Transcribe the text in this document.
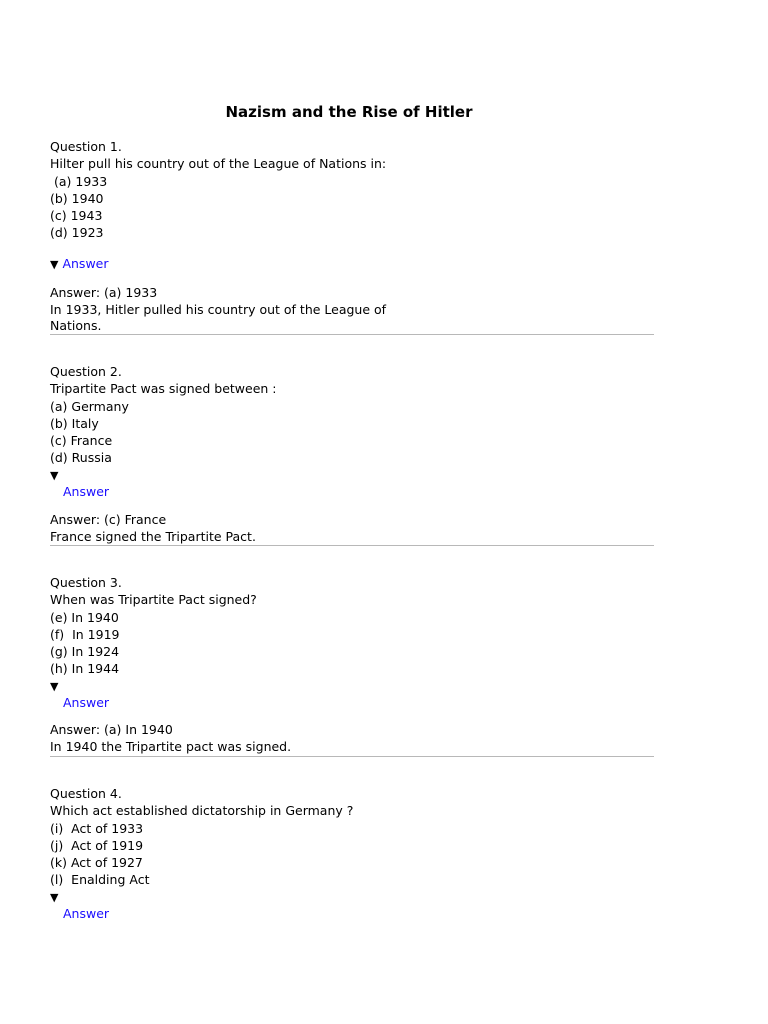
Nazism and the Rise of Hitler
Question 1.
Hilter pull his country out of the League of Nations in:
(a) 1933
(b) 1940
(c) 1943
(d) 1923
▼ Answer
Answer: (a) 1933
In 1933, Hitler pulled his country out of the League of
Nations.
Question 2.
Tripartite Pact was signed between :
(a) Germany
(b) Italy
(c) France
(d) Russia
▼
Answer
Answer: (c) France
France signed the Tripartite Pact.
Question 3.
When was Tripartite Pact signed?
(e) In 1940
(f)  In 1919
(g) In 1924
(h) In 1944
▼
Answer
Answer: (a) In 1940
In 1940 the Tripartite pact was signed.
Question 4.
Which act established dictatorship in Germany ?
(i)  Act of 1933
(j)  Act of 1919
(k) Act of 1927
(l)  Enalding Act
▼
Answer
